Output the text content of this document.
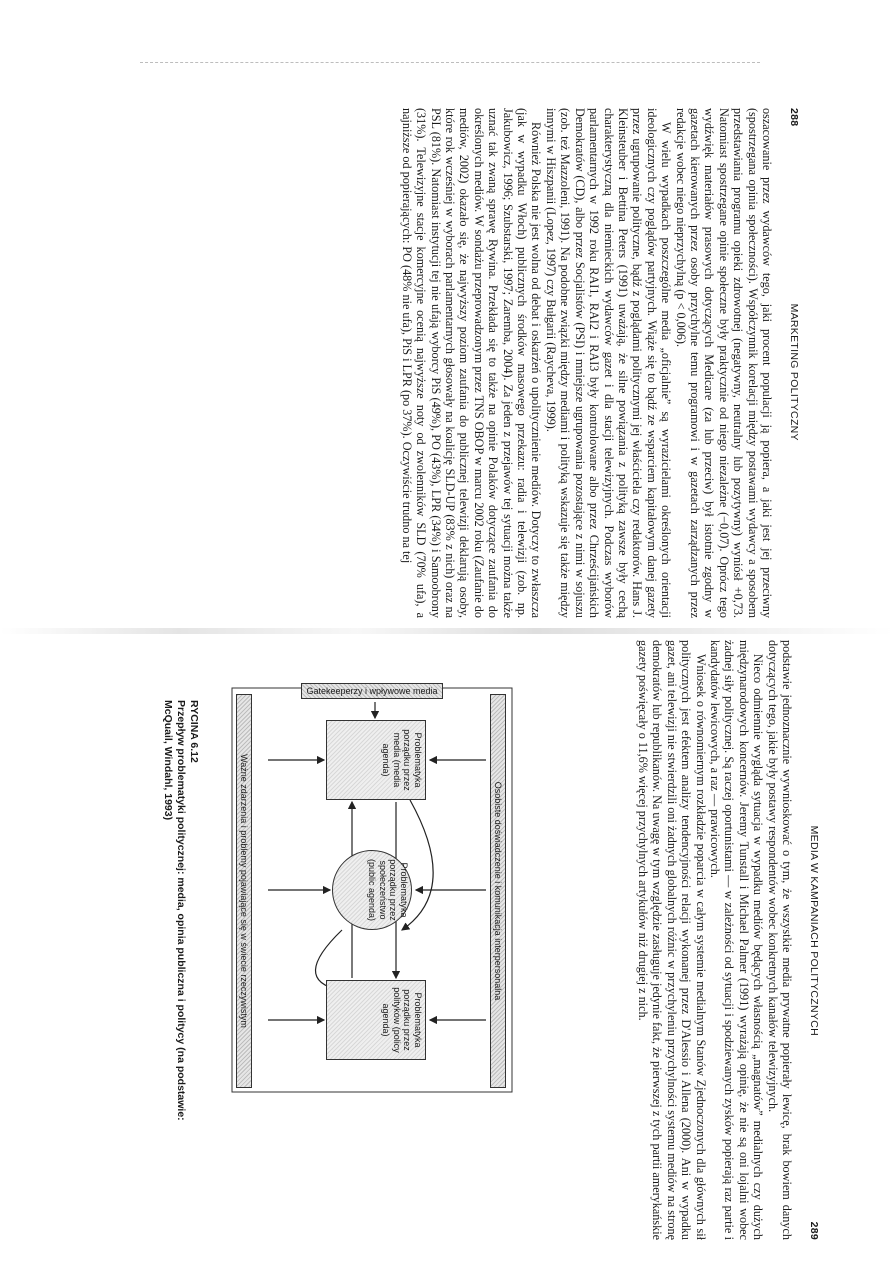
288
MARKETING POLITYCZNY

oszacowanie przez wydawców tego, jaki procent populacji ją popiera, a jaki jest jej przeciwny (spostrzegana opinia społeczności). Współczynnik korelacji między postawami wydawcy a sposobem przedstawiania programu opieki zdrowotnej (negatywny, neutralny lub pozytywny) wyniósł +0,73. Natomiast spostrzegane opinie społeczne były praktycznie od niego niezależne (−0,07). Oprócz tego wydźwięk materiałów prasowych dotyczących Medicare (za lub przeciw) był istotnie zgodny w gazetach kierowanych przez osoby przychylne temu programowi i w gazetach zarządzanych przez redakcje wobec niego nieprzychylną (p < 0,006).

W wielu wypadkach poszczególne media „oficjalnie” są wyrazicielami określonych orientacji ideologicznych czy poglądów partyjnych. Wiąże się to bądź ze wsparciem kapitałowym danej gazety przez ugrupowanie polityczne, bądź z poglądami politycznymi jej właściciela czy redaktorów. Hans J. Kleinsteuber i Bettina Peters (1991) uważają, że silne powiązania z polityką zawsze były cechą charakterystyczną dla niemieckich wydawców gazet i dla stacji telewizyjnych. Podczas wyborów parlamentarnych w 1992 roku RAI1, RAI2 i RAI3 były kontrolowane albo przez Chrześcijańskich Demokratów (CD), albo przez Socjalistów (PSI) i mniejsze ugrupowania pozostające z nimi w sojuszu (zob. też Mazzoleni, 1991). Na podobne związki między mediami i polityką wskazuje się także między innymi w Hiszpanii (Lopez, 1997) czy Bułgarii (Raycheva, 1999).

Również Polska nie jest wolna od debat i oskarżeń o upolitycznienie mediów. Dotyczy to zwłaszcza (jak w wypadku Włoch) publicznych środków masowego przekazu: radia i telewizji (zob. np. Jakubowicz, 1996; Szubstarski, 1997; Zaremba, 2004). Za jeden z przejawów tej sytuacji można także uznać tak zwaną sprawę Rywina. Przekłada się to także na opinie Polaków dotyczące zaufania do określonych mediów. W sondażu przeprowadzonym przez TNS OBOP w marcu 2002 roku (Zaufanie do mediów, 2002) okazało się, że najwyższy poziom zaufania do publicznej telewizji deklarują osoby, które rok wcześniej w wyborach parlamentarnych głosowały na koalicję SLD-UP (83% z nich) oraz na PSL (81%). Natomiast instytucji tej nie ufają wyborcy PiS (49%), PO (43%), LPR (34%) i Samoobrony (31%). Telewizyjne stacje komercyjne ocenią najwyższe noty od zwolenników SLD (70% ufa), a najniższe od popierających: PO (48% nie ufa), PiS i LPR (po 37%). Oczywiście trudno na tej

MEDIA W KAMPANIACH POLITYCZNYCH
289

podstawie jednoznacznie wywnioskować o tym, że wszystkie media prywatne popierały lewicę, brak bowiem danych dotyczących tego, jakie były postawy respondentów wobec konkretnych kanałów telewizyjnych.

Nieco odmiennie wygląda sytuacja w wypadku mediów będących własnością „magnatów” medialnych czy dużych międzynarodowych koncernów. Jeremy Tunstall i Michael Palmer (1991) wyrażają opinię, że nie są oni lojalni wobec żadnej siły politycznej. Są raczej oportunistami — w zależności od sytuacji i spodziewanych zysków popierają raz partie i kandydatów lewicowych, a raz — prawicowych.

Wniosek o równomiernym rozkładzie poparcia w całym systemie medialnym Stanów Zjednoczonych dla głównych sił politycznych jest efektem analizy tendencyjności relacji wykonanej przez D'Alessio i Allena (2000). Ani w wypadku gazet, ani telewizji nie stwierdzili oni żadnych globalnych różnic w przychyleniu przychylności systemu mediów na stronę demokratów lub republikanów. Na uwagę w tym względzie zasługuje jedynie fakt, że pierwszej z tych partii amerykańskie gazety poświęcały o 11,6% więcej przychylnych artykułów niż drugiej z nich.

Osobiste doświadczenie i komunikacja interpersonalna
Ważne zdarzenia i problemy pojawiające się w świecie rzeczywistym
Gatekeeperzy i wpływowe media
Problematyka porządku przez media (media agenda)
Problematyka porządku przez społeczeństwo (public agenda)
Problematyka porządku przez polityków (policy agenda)
RYCINA 6.12
Przepływ problematyki politycznej: media, opinia publiczna i politycy (na podstawie: McQuail, Windahl, 1993)
